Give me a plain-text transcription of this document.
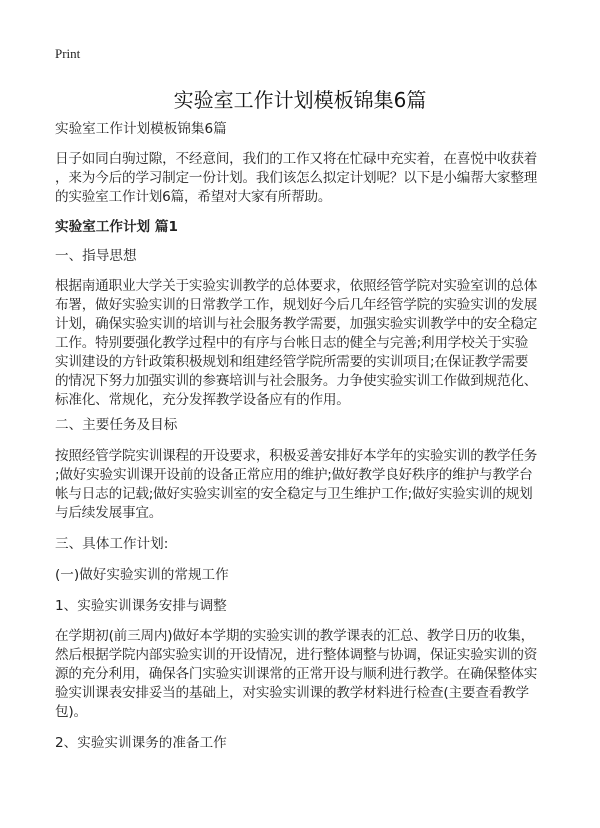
Print
实验室工作计划模板锦集6篇
实验室工作计划模板锦集6篇
日子如同白驹过隙，不经意间，我们的工作又将在忙碌中充实着，在喜悦中收获着
，来为今后的学习制定一份计划。我们该怎么拟定计划呢？以下是小编帮大家整理
的实验室工作计划6篇，希望对大家有所帮助。
实验室工作计划 篇1
一、指导思想
根据南通职业大学关于实验实训教学的总体要求，依照经管学院对实验室训的总体
布署，做好实验实训的日常教学工作，规划好今后几年经管学院的实验实训的发展
计划，确保实验实训的培训与社会服务教学需要，加强实验实训教学中的安全稳定
工作。特别要强化教学过程中的有序与台帐日志的健全与完善;利用学校关于实验
实训建设的方针政策积极规划和组建经管学院所需要的实训项目;在保证教学需要
的情况下努力加强实训的参赛培训与社会服务。力争使实验实训工作做到规范化、
标准化、常规化，充分发挥教学设备应有的作用。
二、主要任务及目标
按照经管学院实训课程的开设要求，积极妥善安排好本学年的实验实训的教学任务
;做好实验实训课开设前的设备正常应用的维护;做好教学良好秩序的维护与教学台
帐与日志的记载;做好实验实训室的安全稳定与卫生维护工作;做好实验实训的规划
与后续发展事宜。
三、具体工作计划:
(一)做好实验实训的常规工作
1、实验实训课务安排与调整
在学期初(前三周内)做好本学期的实验实训的教学课表的汇总、教学日历的收集，
然后根据学院内部实验实训的开设情况，进行整体调整与协调，保证实验实训的资
源的充分利用，确保各门实验实训课常的正常开设与顺利进行教学。在确保整体实
验实训课表安排妥当的基础上，对实验实训课的教学材料进行检查(主要查看教学
包)。
2、实验实训课务的准备工作
